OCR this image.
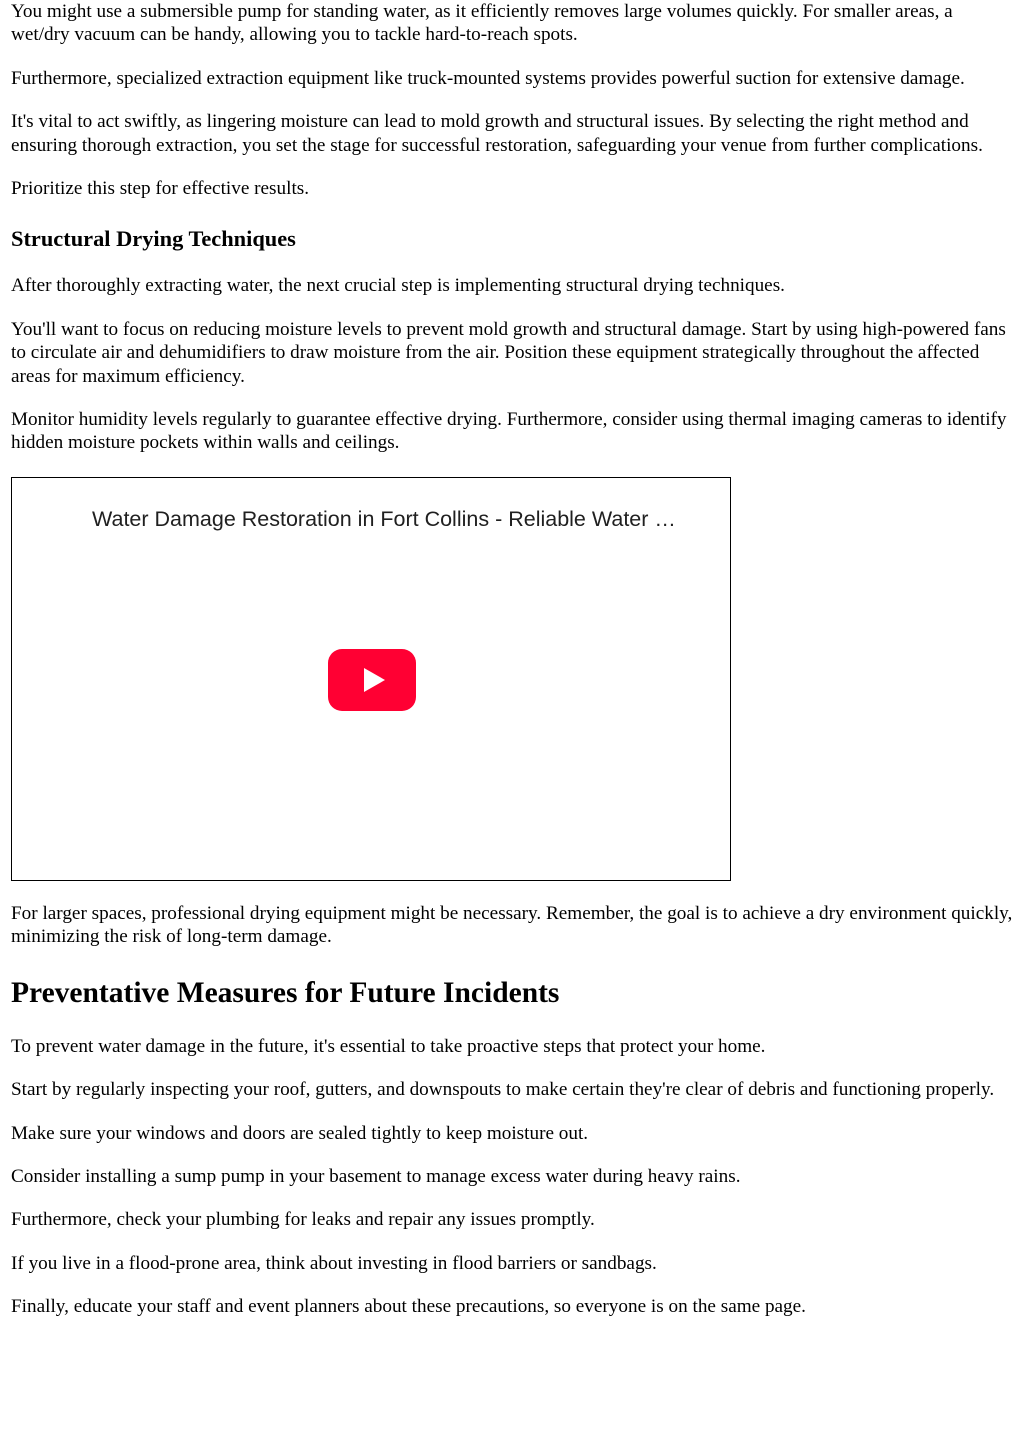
You might use a submersible pump for standing water, as it efficiently removes large volumes quickly. For smaller areas, a wet/dry vacuum can be handy, allowing you to tackle hard-to-reach spots.

Furthermore, specialized extraction equipment like truck-mounted systems provides powerful suction for extensive damage.

It's vital to act swiftly, as lingering moisture can lead to mold growth and structural issues. By selecting the right method and ensuring thorough extraction, you set the stage for successful restoration, safeguarding your venue from further complications.

Prioritize this step for effective results.

Structural Drying Techniques

After thoroughly extracting water, the next crucial step is implementing structural drying techniques.

You'll want to focus on reducing moisture levels to prevent mold growth and structural damage. Start by using high-powered fans to circulate air and dehumidifiers to draw moisture from the air. Position these equipment strategically throughout the affected areas for maximum efficiency.

Monitor humidity levels regularly to guarantee effective drying. Furthermore, consider using thermal imaging cameras to identify hidden moisture pockets within walls and ceilings.

Water Damage Restoration in Fort Collins - Reliable Water …

For larger spaces, professional drying equipment might be necessary. Remember, the goal is to achieve a dry environment quickly, minimizing the risk of long-term damage.

Preventative Measures for Future Incidents

To prevent water damage in the future, it's essential to take proactive steps that protect your home.

Start by regularly inspecting your roof, gutters, and downspouts to make certain they're clear of debris and functioning properly.

Make sure your windows and doors are sealed tightly to keep moisture out.

Consider installing a sump pump in your basement to manage excess water during heavy rains.

Furthermore, check your plumbing for leaks and repair any issues promptly.

If you live in a flood-prone area, think about investing in flood barriers or sandbags.

Finally, educate your staff and event planners about these precautions, so everyone is on the same page.
